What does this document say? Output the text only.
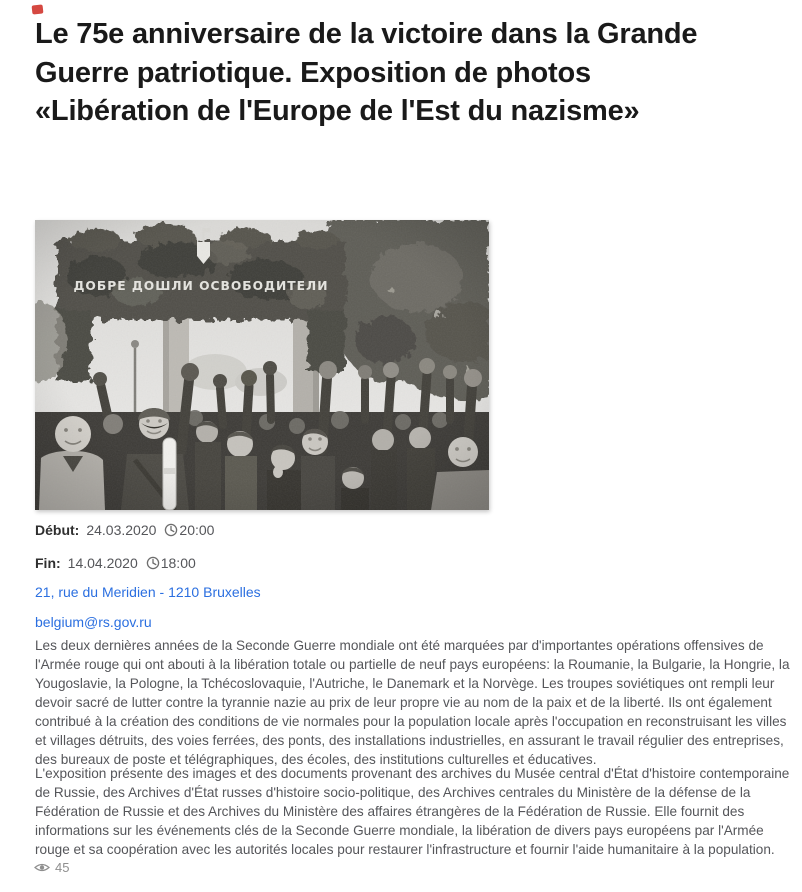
Le 75e anniversaire de la victoire dans la Grande Guerre patriotique. Exposition de photos «Libération de l'Europe de l'Est du nazisme»
Début: 24.03.2020 20:00
Fin: 14.04.2020 18:00
21, rue du Meridien - 1210 Bruxelles
belgium@rs.gov.ru

Les deux dernières années de la Seconde Guerre mondiale ont été marquées par d'importantes opérations offensives de l'Armée rouge qui ont abouti à la libération totale ou partielle de neuf pays européens: la Roumanie, la Bulgarie, la Hongrie, la Yougoslavie, la Pologne, la Tchécoslovaquie, l'Autriche, le Danemark et la Norvège. Les troupes soviétiques ont rempli leur devoir sacré de lutter contre la tyrannie nazie au prix de leur propre vie au nom de la paix et de la liberté. Ils ont également contribué à la création des conditions de vie normales pour la population locale après l'occupation en reconstruisant les villes et villages détruits, des voies ferrées, des ponts, des installations industrielles, en assurant le travail régulier des entreprises, des bureaux de poste et télégraphiques, des écoles, des institutions culturelles et éducatives.

L'exposition présente des images et des documents provenant des archives du Musée central d'État d'histoire contemporaine de Russie, des Archives d'État russes d'histoire socio-politique, des Archives centrales du Ministère de la défense de la Fédération de Russie et des Archives du Ministère des affaires étrangères de la Fédération de Russie. Elle fournit des informations sur les événements clés de la Seconde Guerre mondiale, la libération de divers pays européens par l'Armée rouge et sa coopération avec les autorités locales pour restaurer l'infrastructure et fournir l'aide humanitaire à la population.

45
